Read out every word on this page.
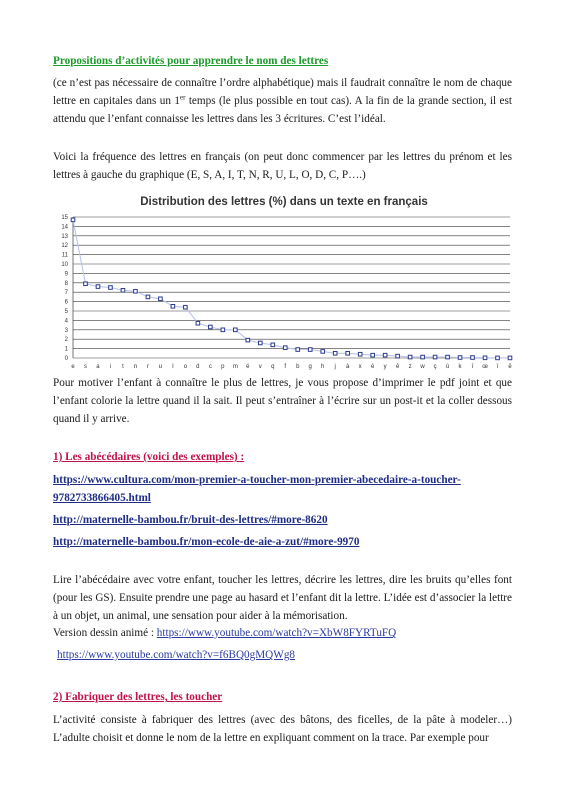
Propositions d’activités pour apprendre le nom des lettres

(ce n’est pas nécessaire de connaître l’ordre alphabétique) mais il faudrait connaître le nom de chaque lettre en capitales dans un 1er temps (le plus possible en tout cas). A la fin de la grande section, il est attendu que l’enfant connaisse les lettres dans les 3 écritures. C’est l’idéal.

Voici la fréquence des lettres en français (on peut donc commencer par les lettres du prénom et les lettres à gauche du graphique (E, S, A, I, T, N, R, U, L, O, D, C, P….)

Distribution des lettres (%) dans un texte en français
0
1
2
3
4
5
6
7
8
9
10
11
12
13
14
15
e s a i t n r u l o d c p m é v q f b g h j à x è y ê z w ç ù k î œ ï ë

Pour motiver l’enfant à connaître le plus de lettres, je vous propose d’imprimer le pdf joint et que l’enfant colorie la lettre quand il la sait. Il peut s’entraîner à l’écrire sur un post-it et la coller dessous quand il y arrive.

1) Les abécédaires (voici des exemples) :

https://www.cultura.com/mon-premier-a-toucher-mon-premier-abecedaire-a-toucher-9782733866405.html
http://maternelle-bambou.fr/bruit-des-lettres/#more-8620
http://maternelle-bambou.fr/mon-ecole-de-aie-a-zut/#more-9970

Lire l’abécédaire avec votre enfant, toucher les lettres, décrire les lettres, dire les bruits qu’elles font (pour les GS). Ensuite prendre une page au hasard et l’enfant dit la lettre. L’idée est d’associer la lettre à un objet, un animal, une sensation pour aider à la mémorisation.

Version dessin animé : https://www.youtube.com/watch?v=XbW8FYRTuFQ

https://www.youtube.com/watch?v=f6BQ0gMQWg8

2) Fabriquer des lettres, les toucher

L’activité consiste à fabriquer des lettres (avec des bâtons, des ficelles, de la pâte à modeler…) L’adulte choisit et donne le nom de la lettre en expliquant comment on la trace. Par exemple pour
